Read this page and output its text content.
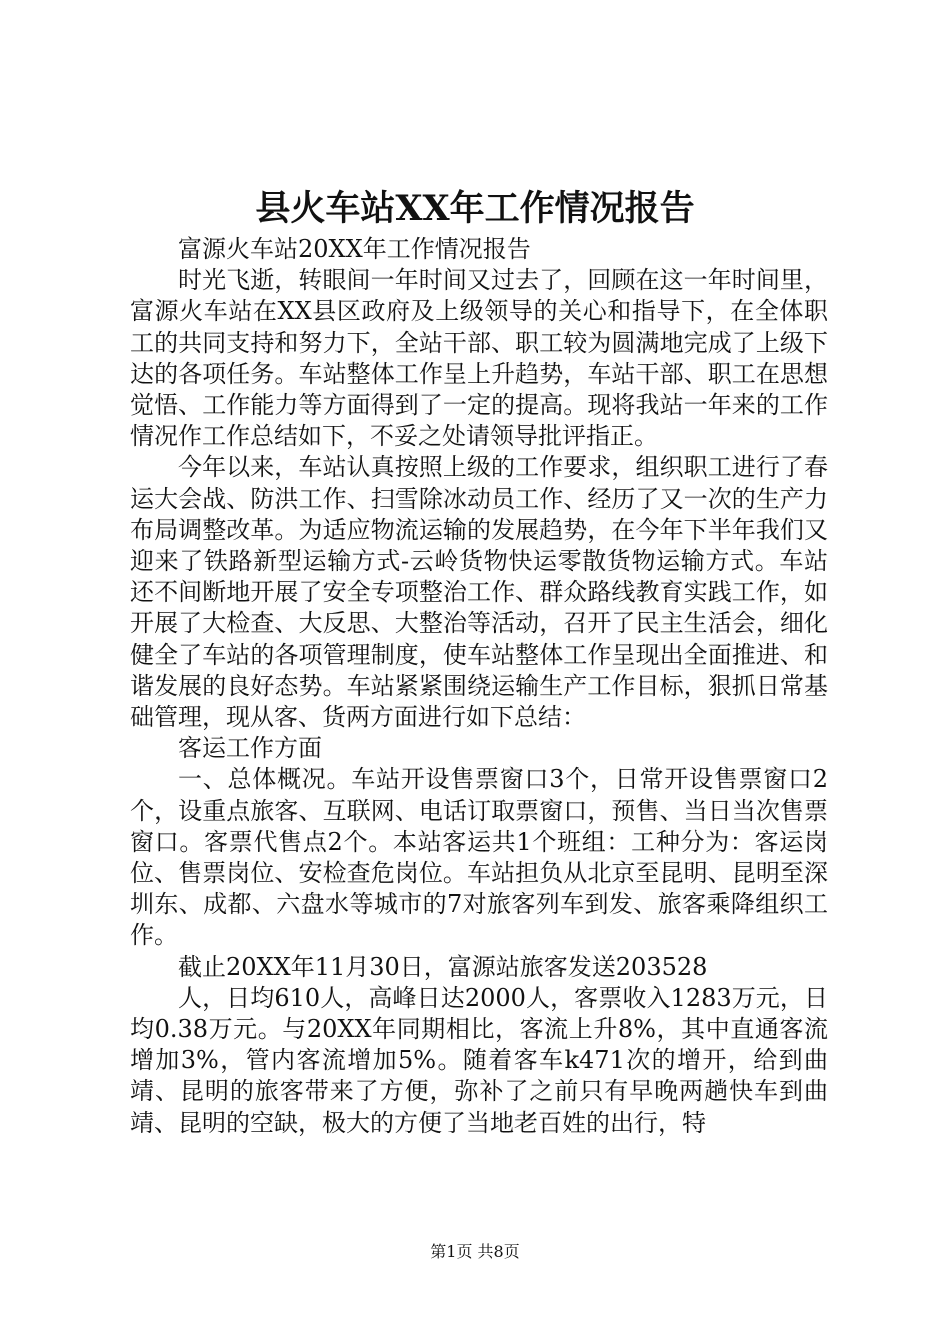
县火车站XX年工作情况报告

富源火车站20XX年工作情况报告

时光飞逝，转眼间一年时间又过去了，回顾在这一年时间里，富源火车站在XX县区政府及上级领导的关心和指导下，在全体职工的共同支持和努力下，全站干部、职工较为圆满地完成了上级下达的各项任务。车站整体工作呈上升趋势，车站干部、职工在思想觉悟、工作能力等方面得到了一定的提高。现将我站一年来的工作情况作工作总结如下，不妥之处请领导批评指正。

今年以来，车站认真按照上级的工作要求，组织职工进行了春运大会战、防洪工作、扫雪除冰动员工作、经历了又一次的生产力布局调整改革。为适应物流运输的发展趋势，在今年下半年我们又迎来了铁路新型运输方式-云岭货物快运零散货物运输方式。车站还不间断地开展了安全专项整治工作、群众路线教育实践工作，如开展了大检查、大反思、大整治等活动，召开了民主生活会，细化健全了车站的各项管理制度，使车站整体工作呈现出全面推进、和谐发展的良好态势。车站紧紧围绕运输生产工作目标，狠抓日常基础管理，现从客、货两方面进行如下总结：

客运工作方面

一、总体概况。车站开设售票窗口3个，日常开设售票窗口2个，设重点旅客、互联网、电话订取票窗口，预售、当日当次售票窗口。客票代售点2个。本站客运共1个班组：工种分为：客运岗位、售票岗位、安检查危岗位。车站担负从北京至昆明、昆明至深圳东、成都、六盘水等城市的7对旅客列车到发、旅客乘降组织工作。

截止20XX年11月30日，富源站旅客发送203528

人，日均610人，高峰日达2000人，客票收入1283万元，日均0.38万元。与20XX年同期相比，客流上升8%，其中直通客流增加3%，管内客流增加5%。随着客车k471次的增开，给到曲靖、昆明的旅客带来了方便，弥补了之前只有早晚两趟快车到曲靖、昆明的空缺，极大的方便了当地老百姓的出行，特

第1页 共8页
